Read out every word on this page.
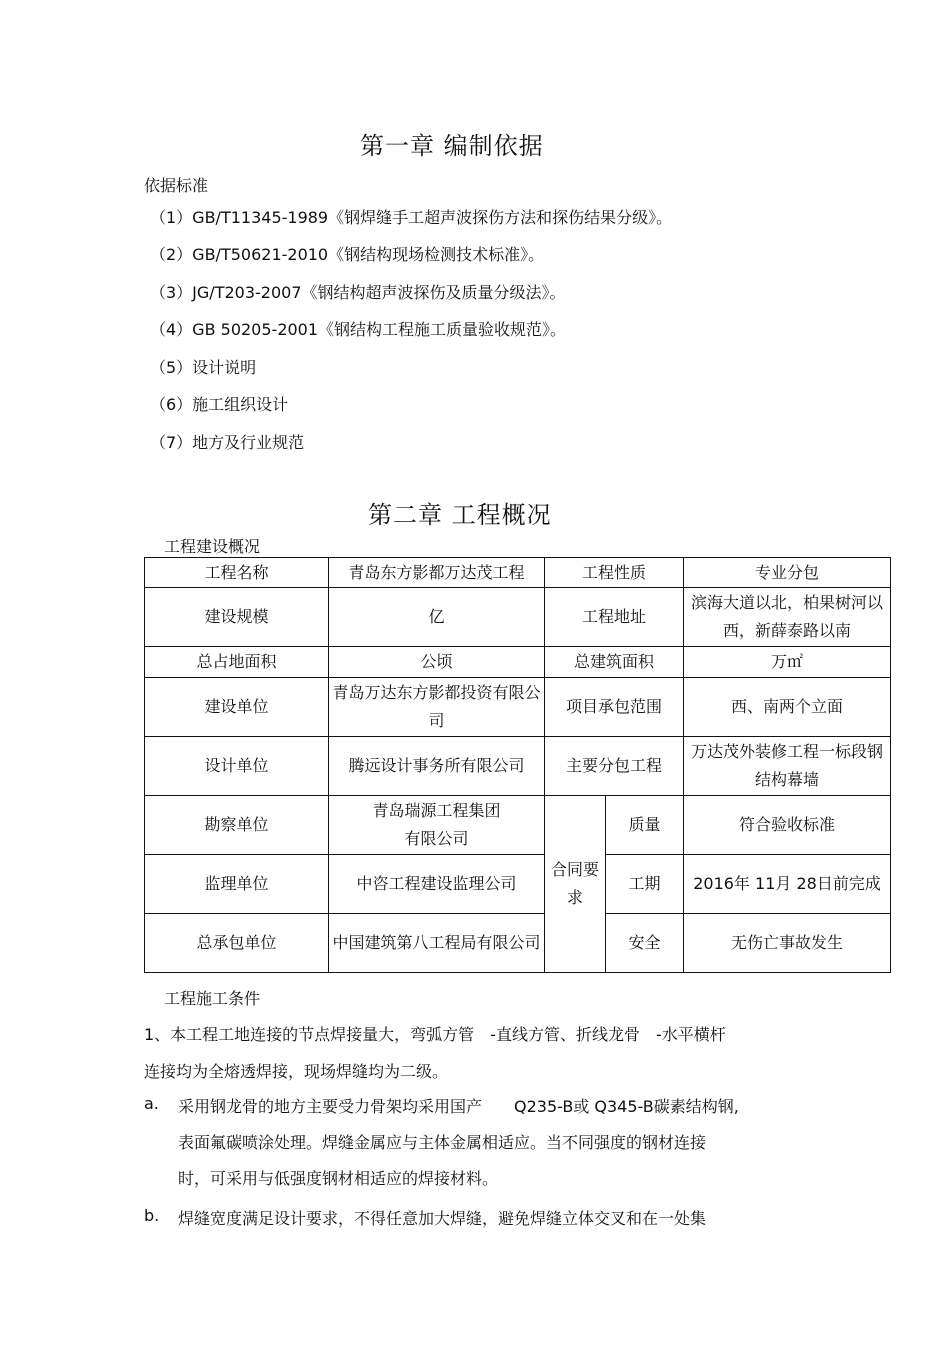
第一章 编制依据
依据标准
（1）GB/T11345-1989《钢焊缝手工超声波探伤方法和探伤结果分级》。
（2）GB/T50621-2010《钢结构现场检测技术标准》。
（3）JG/T203-2007《钢结构超声波探伤及质量分级法》。
（4）GB 50205-2001《钢结构工程施工质量验收规范》。
（5）设计说明
（6）施工组织设计
（7）地方及行业规范
第二章 工程概况
工程建设概况
工程名称	青岛东方影都万达茂工程	工程性质		专业分包
建设规模	亿	工程地址		滨海大道以北，柏果树河以西，新薛泰路以南
总占地面积	公顷	总建筑面积		万㎡
建设单位	青岛万达东方影都投资有限公司	项目承包范围		西、南两个立面
设计单位	腾远设计事务所有限公司	主要分包工程		万达茂外装修工程一标段钢结构幕墙
勘察单位	青岛瑞源工程集团有限公司	合同要求	质量	符合验收标准
监理单位	中咨工程建设监理公司		工期	2016年 11月 28日前完成
总承包单位	中国建筑第八工程局有限公司		安全	无伤亡事故发生
工程施工条件
1、本工程工地连接的节点焊接量大，弯弧方管　-直线方管、折线龙骨　-水平横杆
连接均为全熔透焊接，现场焊缝均为二级。
a. 采用钢龙骨的地方主要受力骨架均采用国产　　Q235-B或 Q345-B碳素结构钢,
表面氟碳喷涂处理。焊缝金属应与主体金属相适应。当不同强度的钢材连接
时，可采用与低强度钢材相适应的焊接材料。
b. 焊缝宽度满足设计要求，不得任意加大焊缝，避免焊缝立体交叉和在一处集
